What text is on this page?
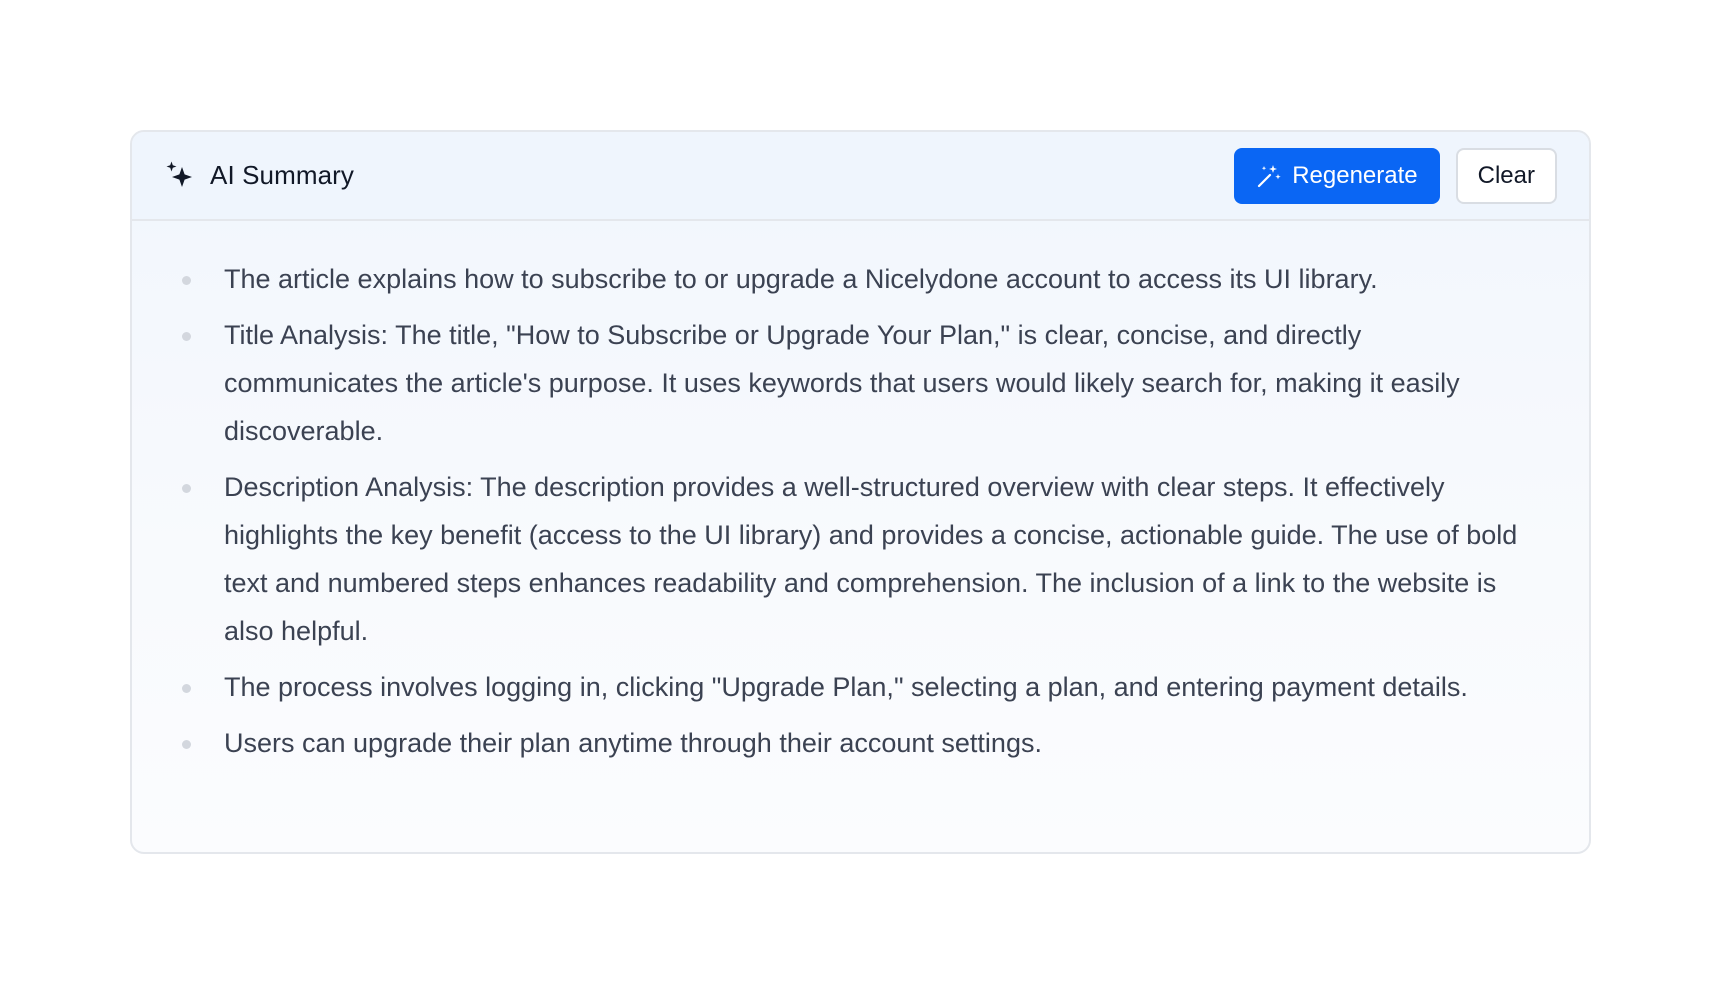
AI Summary	Regenerate	Clear
The article explains how to subscribe to or upgrade a Nicelydone account to access its UI library.
Title Analysis: The title, "How to Subscribe or Upgrade Your Plan," is clear, concise, and directly communicates the article's purpose. It uses keywords that users would likely search for, making it easily discoverable.
Description Analysis: The description provides a well-structured overview with clear steps. It effectively highlights the key benefit (access to the UI library) and provides a concise, actionable guide. The use of bold text and numbered steps enhances readability and comprehension. The inclusion of a link to the website is also helpful.
The process involves logging in, clicking "Upgrade Plan," selecting a plan, and entering payment details.
Users can upgrade their plan anytime through their account settings.
